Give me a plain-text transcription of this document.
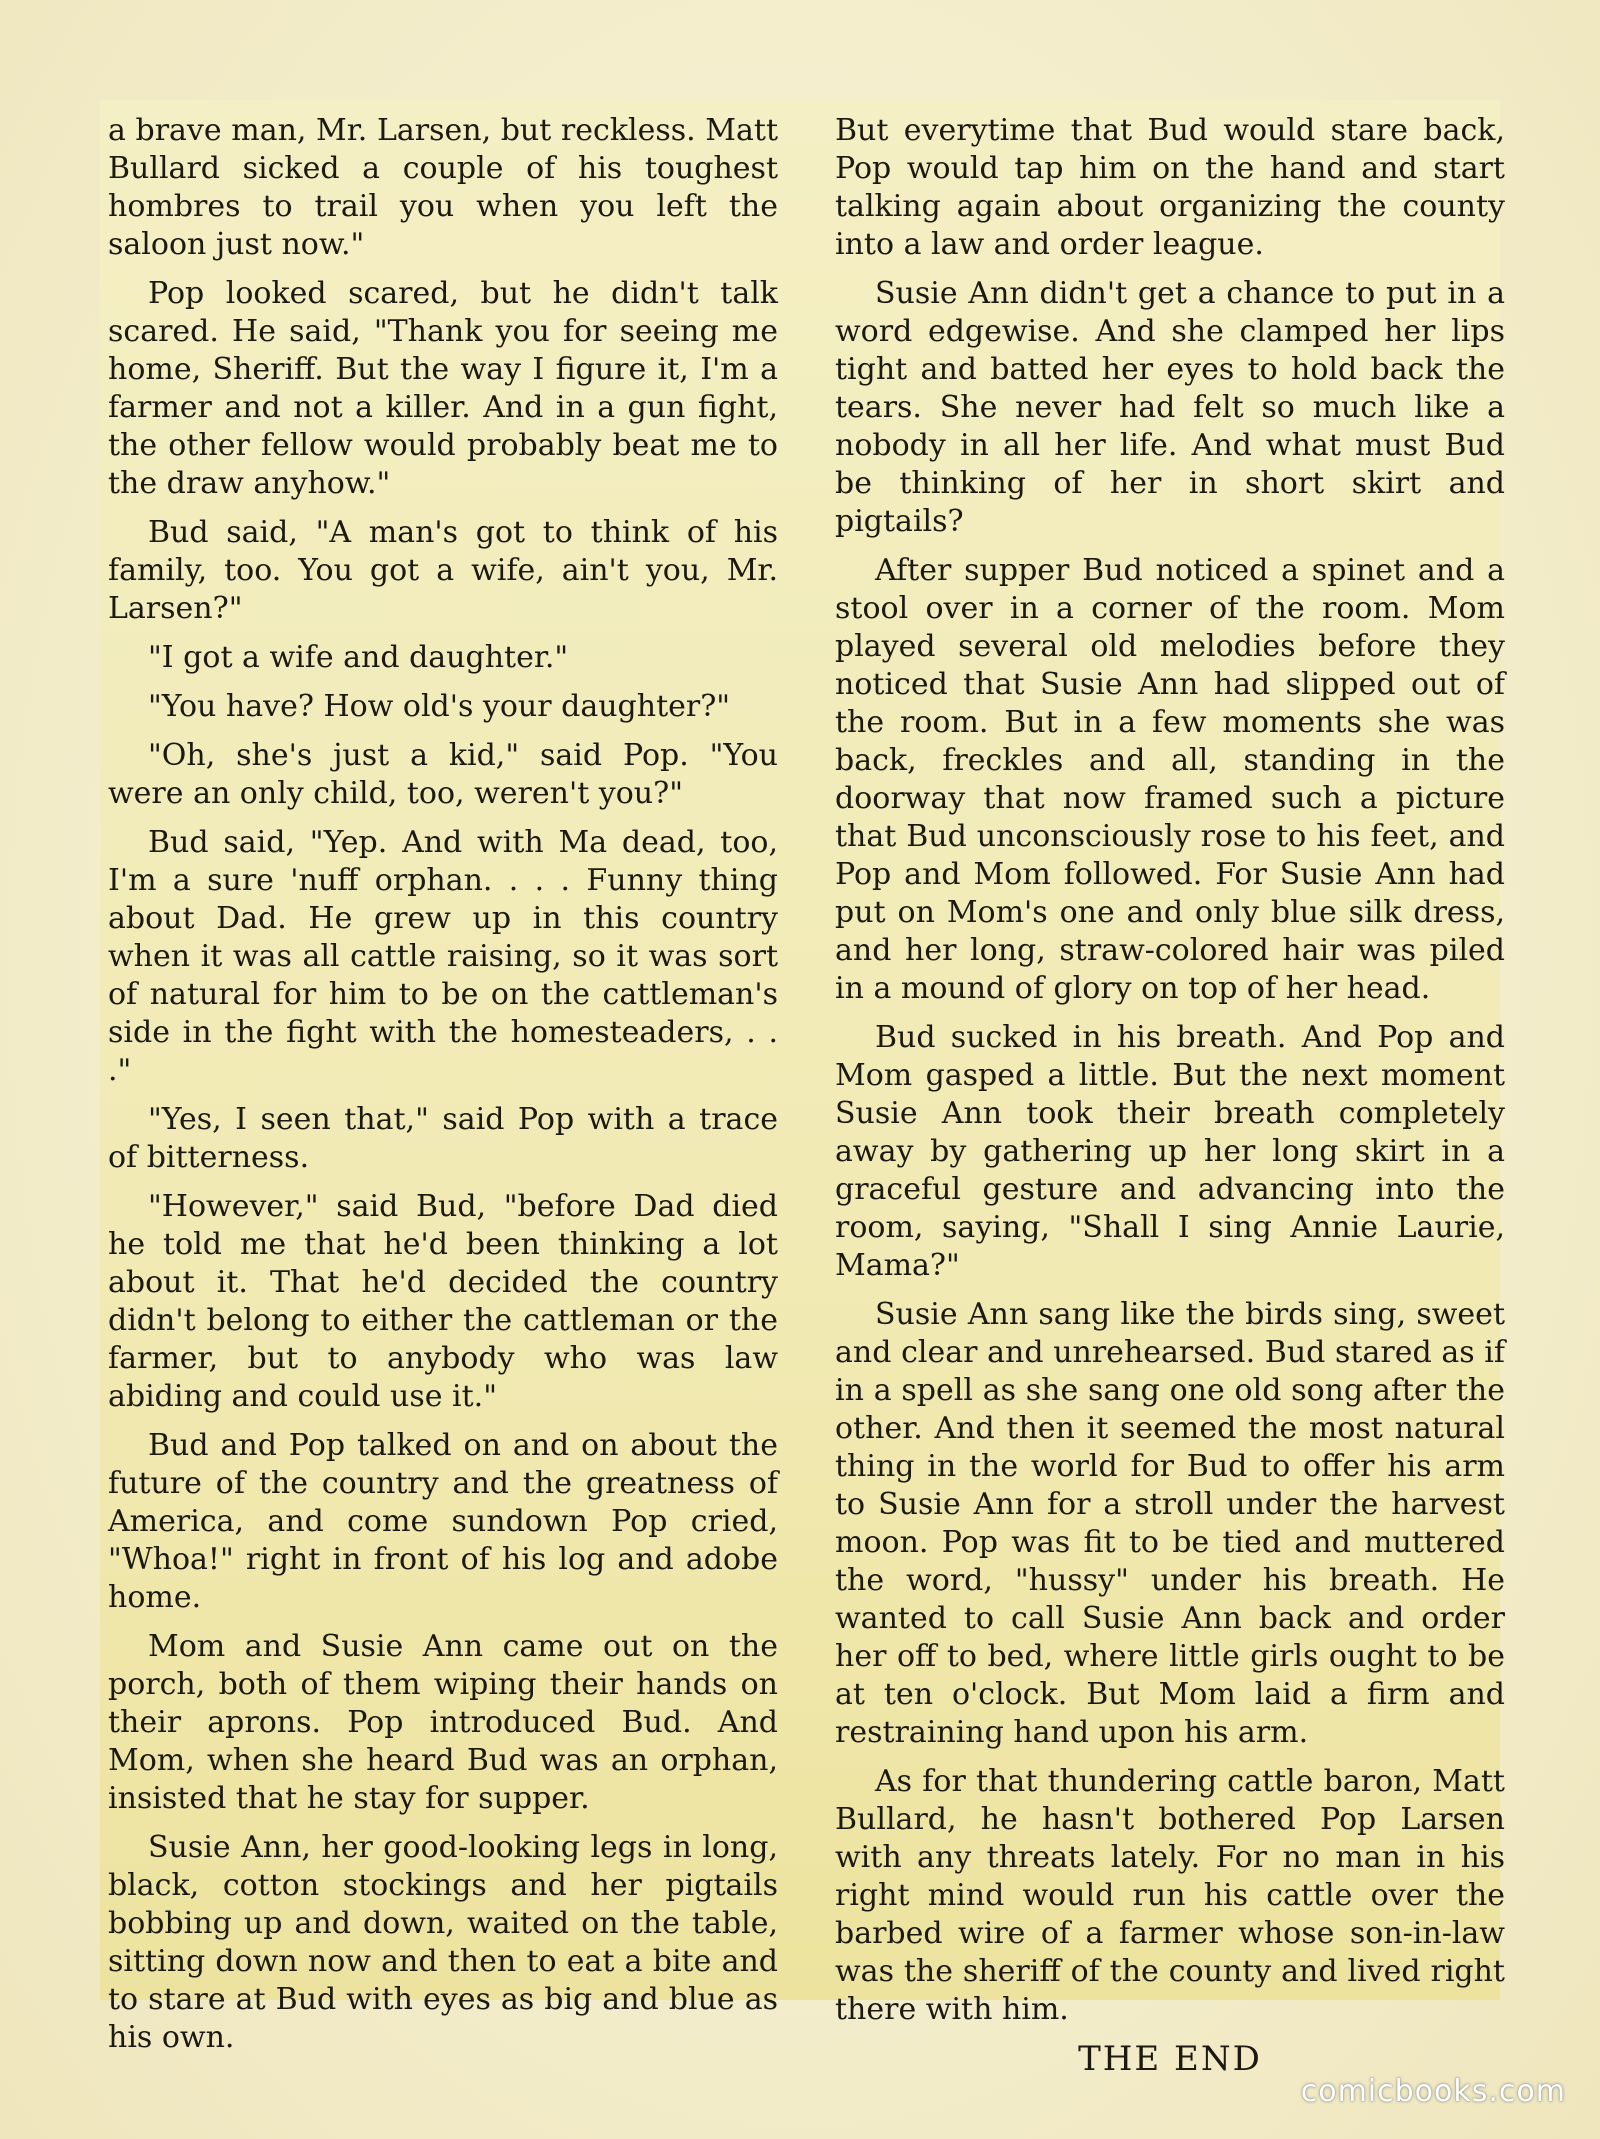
a brave man, Mr. Larsen, but reckless. Matt Bullard sicked a couple of his toughest hombres to trail you when you left the saloon just now."

Pop looked scared, but he didn't talk scared. He said, "Thank you for seeing me home, Sheriff. But the way I figure it, I'm a farmer and not a killer. And in a gun fight, the other fellow would probably beat me to the draw anyhow."

Bud said, "A man's got to think of his family, too. You got a wife, ain't you, Mr. Larsen?"

"I got a wife and daughter."

"You have? How old's your daughter?"

"Oh, she's just a kid," said Pop. "You were an only child, too, weren't you?"

Bud said, "Yep. And with Ma dead, too, I'm a sure 'nuff orphan. . . . Funny thing about Dad. He grew up in this country when it was all cattle raising, so it was sort of natural for him to be on the cattleman's side in the fight with the homesteaders, . . ."

"Yes, I seen that," said Pop with a trace of bitterness.

"However," said Bud, "before Dad died he told me that he'd been thinking a lot about it. That he'd decided the country didn't belong to either the cattleman or the farmer, but to anybody who was law abiding and could use it."

Bud and Pop talked on and on about the future of the country and the greatness of America, and come sundown Pop cried, "Whoa!" right in front of his log and adobe home.

Mom and Susie Ann came out on the porch, both of them wiping their hands on their aprons. Pop introduced Bud. And Mom, when she heard Bud was an orphan, insisted that he stay for supper.

Susie Ann, her good-looking legs in long, black, cotton stockings and her pigtails bobbing up and down, waited on the table, sitting down now and then to eat a bite and to stare at Bud with eyes as big and blue as his own.

But everytime that Bud would stare back, Pop would tap him on the hand and start talking again about organizing the county into a law and order league.

Susie Ann didn't get a chance to put in a word edgewise. And she clamped her lips tight and batted her eyes to hold back the tears. She never had felt so much like a nobody in all her life. And what must Bud be thinking of her in short skirt and pigtails?

After supper Bud noticed a spinet and a stool over in a corner of the room. Mom played several old melodies before they noticed that Susie Ann had slipped out of the room. But in a few moments she was back, freckles and all, standing in the doorway that now framed such a picture that Bud unconsciously rose to his feet, and Pop and Mom followed. For Susie Ann had put on Mom's one and only blue silk dress, and her long, straw-colored hair was piled in a mound of glory on top of her head.

Bud sucked in his breath. And Pop and Mom gasped a little. But the next moment Susie Ann took their breath completely away by gathering up her long skirt in a graceful gesture and advancing into the room, saying, "Shall I sing Annie Laurie, Mama?"

Susie Ann sang like the birds sing, sweet and clear and unrehearsed. Bud stared as if in a spell as she sang one old song after the other. And then it seemed the most natural thing in the world for Bud to offer his arm to Susie Ann for a stroll under the harvest moon. Pop was fit to be tied and muttered the word, "hussy" under his breath. He wanted to call Susie Ann back and order her off to bed, where little girls ought to be at ten o'clock. But Mom laid a firm and restraining hand upon his arm.

As for that thundering cattle baron, Matt Bullard, he hasn't bothered Pop Larsen with any threats lately. For no man in his right mind would run his cattle over the barbed wire of a farmer whose son-in-law was the sheriff of the county and lived right there with him.

THE END

comicbooks.com
